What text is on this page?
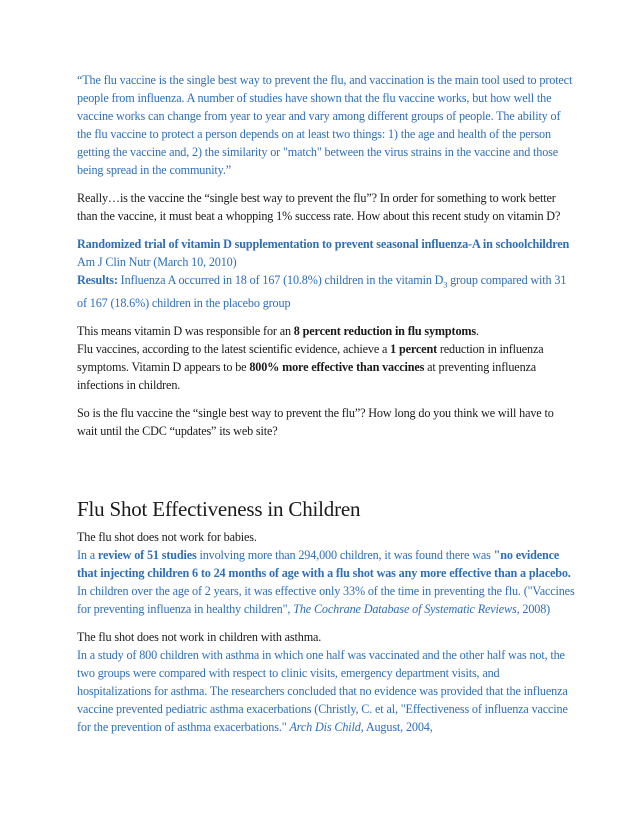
“The flu vaccine is the single best way to prevent the flu, and vaccination is the main tool used to protect people from influenza. A number of studies have shown that the flu vaccine works, but how well the vaccine works can change from year to year and vary among different groups of people. The ability of the flu vaccine to protect a person depends on at least two things: 1) the age and health of the person getting the vaccine and, 2) the similarity or "match" between the virus strains in the vaccine and those being spread in the community.”

Really…is the vaccine the “single best way to prevent the flu”? In order for something to work better than the vaccine, it must beat a whopping 1% success rate. How about this recent study on vitamin D?

Randomized trial of vitamin D supplementation to prevent seasonal influenza-A in schoolchildren
Am J Clin Nutr (March 10, 2010)
Results: Influenza A occurred in 18 of 167 (10.8%) children in the vitamin $D_3$ group compared with 31 of 167 (18.6%) children in the placebo group

This means vitamin D was responsible for an 8 percent reduction in flu symptoms.
Flu vaccines, according to the latest scientific evidence, achieve a 1 percent reduction in influenza symptoms. Vitamin D appears to be 800% more effective than vaccines at preventing influenza infections in children.

So is the flu vaccine the “single best way to prevent the flu”? How long do you think we will have to wait until the CDC “updates” its web site?

Flu Shot Effectiveness in Children

The flu shot does not work for babies.
In a review of 51 studies involving more than 294,000 children, it was found there was "no evidence that injecting children 6 to 24 months of age with a flu shot was any more effective than a placebo. In children over the age of 2 years, it was effective only 33% of the time in preventing the flu. ("Vaccines for preventing influenza in healthy children", The Cochrane Database of Systematic Reviews, 2008)

The flu shot does not work in children with asthma.
In a study of 800 children with asthma in which one half was vaccinated and the other half was not, the two groups were compared with respect to clinic visits, emergency department visits, and hospitalizations for asthma. The researchers concluded that no evidence was provided that the influenza vaccine prevented pediatric asthma exacerbations (Christly, C. et al, "Effectiveness of influenza vaccine for the prevention of asthma exacerbations." Arch Dis Child, August, 2004,
